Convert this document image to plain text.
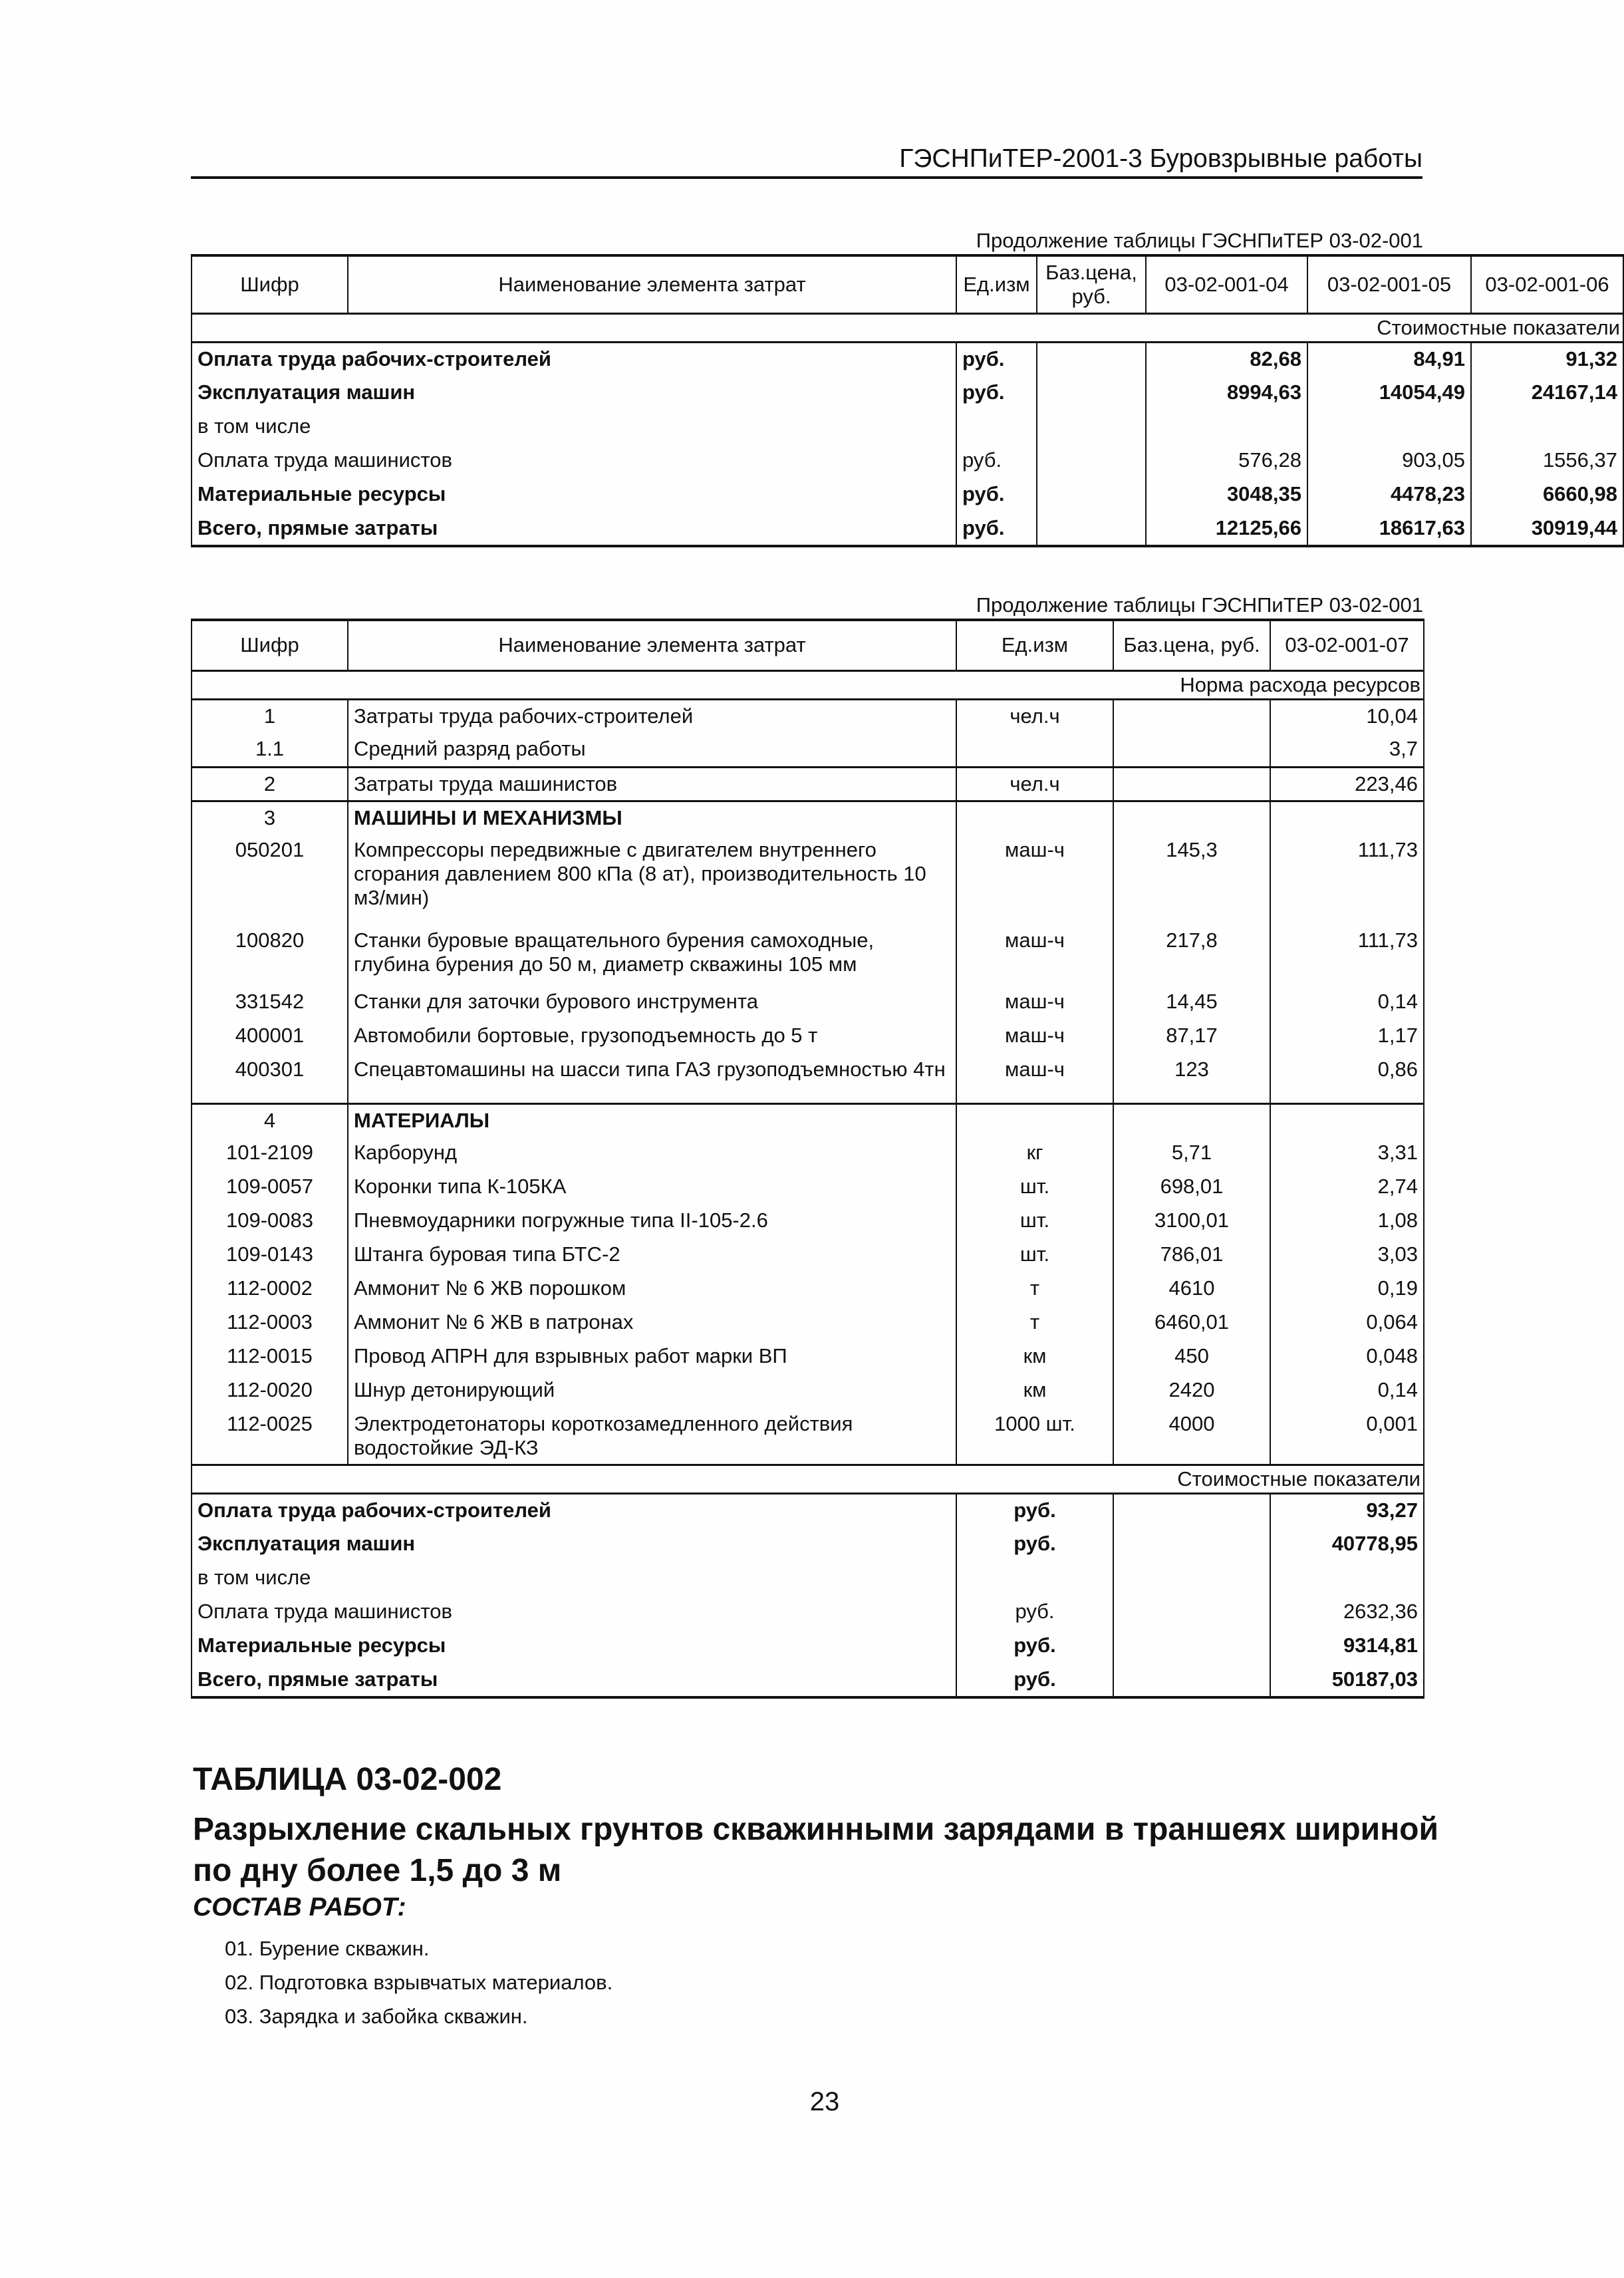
ГЭСНПиТЕР-2001-3 Буровзрывные работы
Продолжение таблицы ГЭСНПиТЕР 03-02-001
Шифр	Наименование элемента затрат	Ед.изм	Баз.цена, руб.	03-02-001-04	03-02-001-05	03-02-001-06
				Стоимостные показатели		
Оплата труда рабочих-строителей		руб.		82,68	84,91	91,32
Эксплуатация машин		руб.		8994,63	14054,49	24167,14
в том числе						
Оплата труда машинистов		руб.		576,28	903,05	1556,37
Материальные ресурсы		руб.		3048,35	4478,23	6660,98
Всего, прямые затраты		руб.		12125,66	18617,63	30919,44
Продолжение таблицы ГЭСНПиТЕР 03-02-001
Шифр	Наименование элемента затрат	Ед.изм	Баз.цена, руб.	03-02-001-07
				Норма расхода ресурсов
1	Затраты труда рабочих-строителей	чел.ч		10,04
1.1	Средний разряд работы			3,7
2	Затраты труда машинистов	чел.ч		223,46
3	МАШИНЫ И МЕХАНИЗМЫ			
050201	Компрессоры передвижные с двигателем внутреннего сгорания давлением 800 кПа (8 ат), производительность 10 м3/мин)	маш-ч	145,3	111,73
100820	Станки буровые вращательного бурения самоходные, глубина бурения до 50 м, диаметр скважины 105 мм	маш-ч	217,8	111,73
331542	Станки для заточки бурового инструмента	маш-ч	14,45	0,14
400001	Автомобили бортовые, грузоподъемность до 5 т	маш-ч	87,17	1,17
400301	Спецавтомашины на шасси типа ГАЗ грузоподъемностью 4тн	маш-ч	123	0,86
4	МАТЕРИАЛЫ			
101-2109	Карборунд	кг	5,71	3,31
109-0057	Коронки типа К-105КА	шт.	698,01	2,74
109-0083	Пневмоударники погружные типа II-105-2.6	шт.	3100,01	1,08
109-0143	Штанга буровая типа БТС-2	шт.	786,01	3,03
112-0002	Аммонит № 6 ЖВ порошком	т	4610	0,19
112-0003	Аммонит № 6 ЖВ в патронах	т	6460,01	0,064
112-0015	Провод АПРН для взрывных работ марки ВП	км	450	0,048
112-0020	Шнур детонирующий	км	2420	0,14
112-0025	Электродетонаторы короткозамедленного действия водостойкие ЭД-КЗ	1000 шт.	4000	0,001
				Стоимостные показатели
Оплата труда рабочих-строителей		руб.		93,27
Эксплуатация машин		руб.		40778,95
в том числе				
Оплата труда машинистов		руб.		2632,36
Материальные ресурсы		руб.		9314,81
Всего, прямые затраты		руб.		50187,03
ТАБЛИЦА 03-02-002
Разрыхление скальных грунтов скважинными зарядами в траншеях шириной по дну более 1,5 до 3 м
СОСТАВ РАБОТ:
01. Бурение скважин.
02. Подготовка взрывчатых материалов.
03. Зарядка и забойка скважин.
23
